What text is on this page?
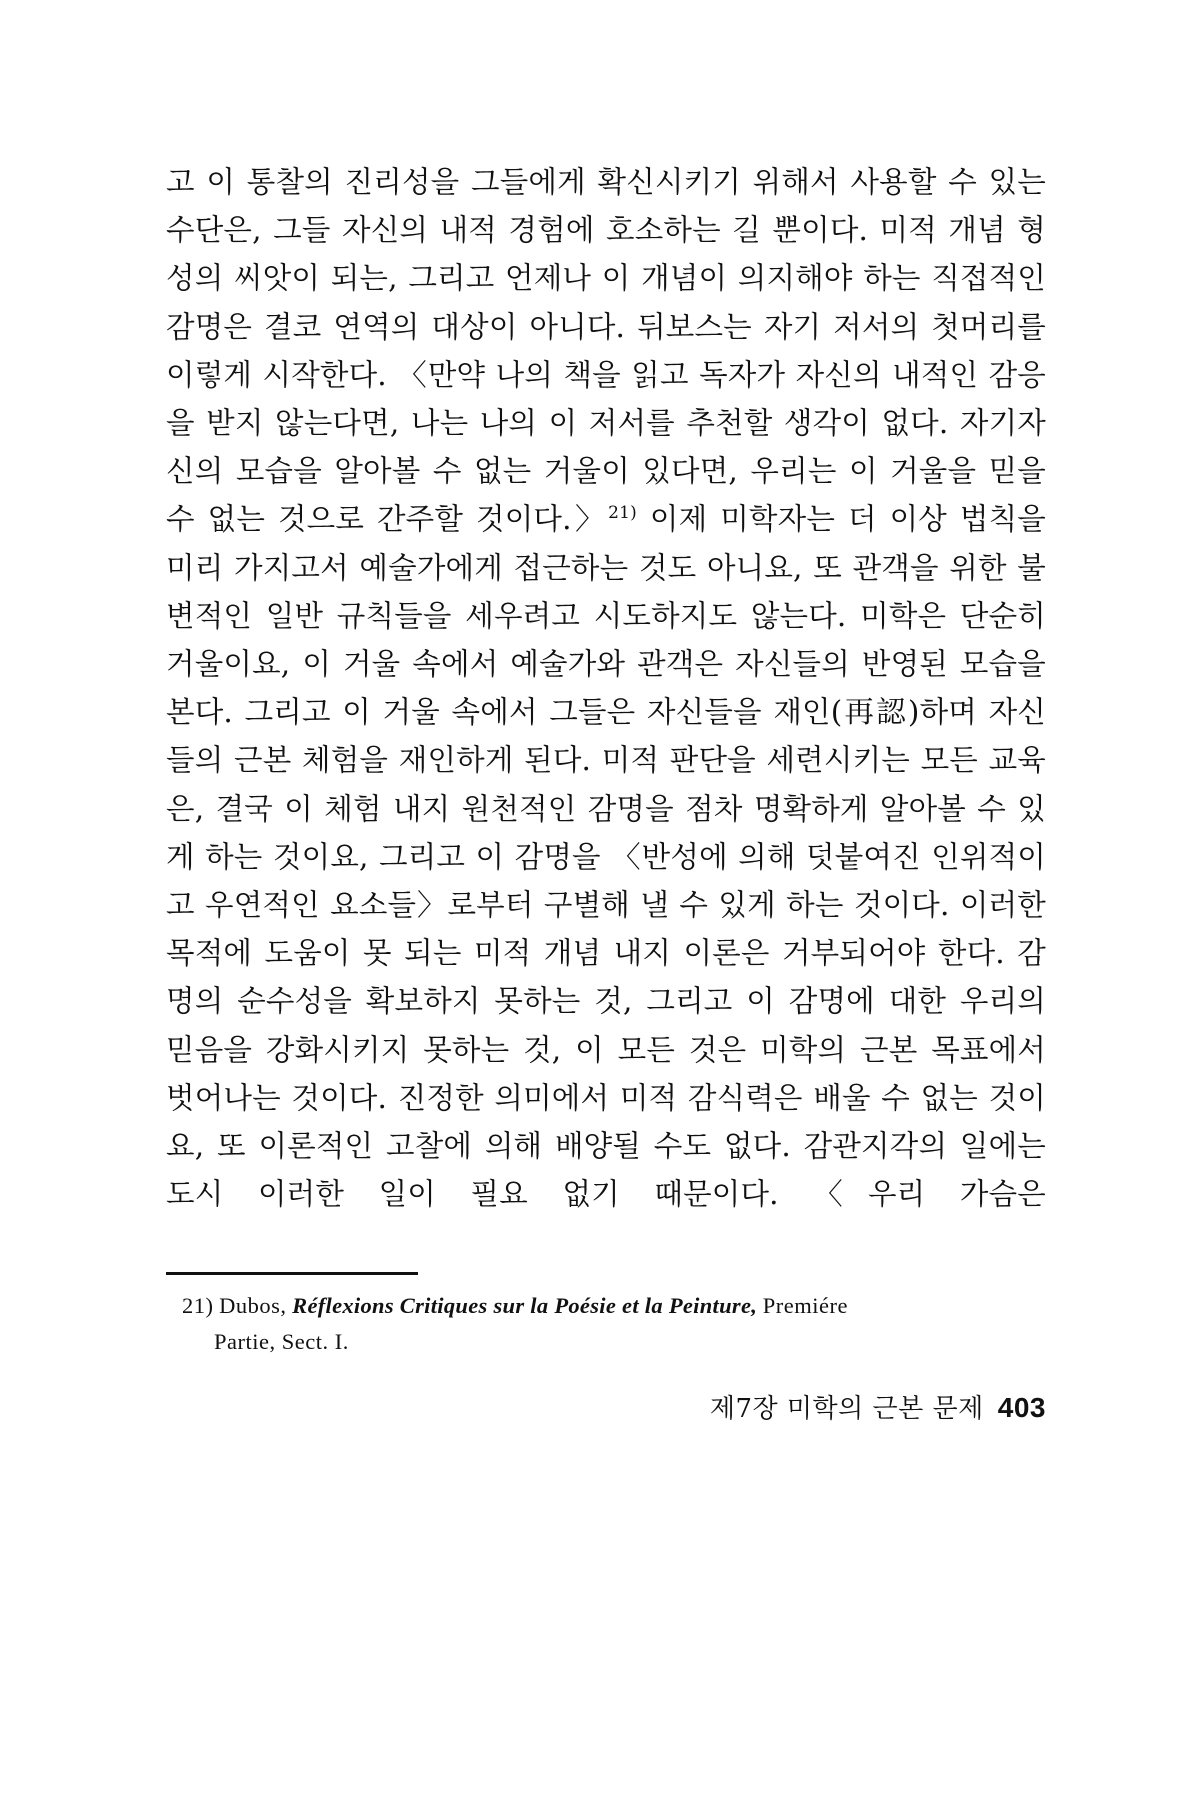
고 이 통찰의 진리성을 그들에게 확신시키기 위해서 사용할 수 있는 수단은, 그들 자신의 내적 경험에 호소하는 길 뿐이다. 미적 개념 형성의 씨앗이 되는, 그리고 언제나 이 개념이 의지해야 하는 직접적인 감명은 결코 연역의 대상이 아니다. 뒤보스는 자기 저서의 첫머리를 이렇게 시작한다. 〈만약 나의 책을 읽고 독자가 자신의 내적인 감응을 받지 않는다면, 나는 나의 이 저서를 추천할 생각이 없다. 자기자신의 모습을 알아볼 수 없는 거울이 있다면, 우리는 이 거울을 믿을 수 없는 것으로 간주할 것이다.〉$^{21)}$ 이제 미학자는 더 이상 법칙을 미리 가지고서 예술가에게 접근하는 것도 아니요, 또 관객을 위한 불변적인 일반 규칙들을 세우려고 시도하지도 않는다. 미학은 단순히 거울이요, 이 거울 속에서 예술가와 관객은 자신들의 반영된 모습을 본다. 그리고 이 거울 속에서 그들은 자신들을 재인(再認)하며 자신들의 근본 체험을 재인하게 된다. 미적 판단을 세련시키는 모든 교육은, 결국 이 체험 내지 원천적인 감명을 점차 명확하게 알아볼 수 있게 하는 것이요, 그리고 이 감명을 〈반성에 의해 덧붙여진 인위적이고 우연적인 요소들〉로부터 구별해 낼 수 있게 하는 것이다. 이러한 목적에 도움이 못 되는 미적 개념 내지 이론은 거부되어야 한다. 감명의 순수성을 확보하지 못하는 것, 그리고 이 감명에 대한 우리의 믿음을 강화시키지 못하는 것, 이 모든 것은 미학의 근본 목표에서 벗어나는 것이다. 진정한 의미에서 미적 감식력은 배울 수 없는 것이요, 또 이론적인 고찰에 의해 배양될 수도 없다. 감관지각의 일에는 도시 이러한 일이 필요 없기 때문이다. 〈우리 가슴은

21) Dubos, Réflexions Critiques sur la Poésie et la Peinture, Premiére
Partie, Sect. I.
제7장 미학의 근본 문제 403
